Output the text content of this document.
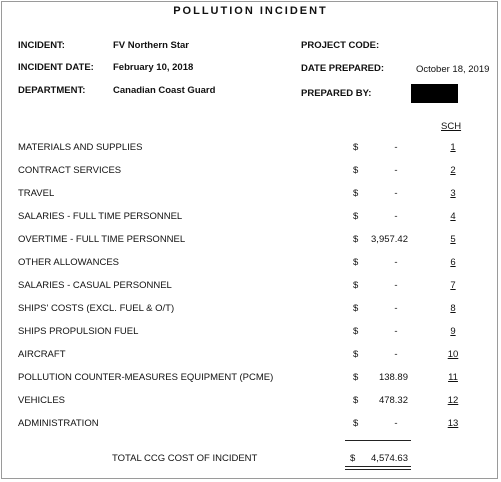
POLLUTION INCIDENT
INCIDENT:	FV Northern Star
INCIDENT DATE: February 10, 2018
DEPARTMENT:	Canadian Coast Guard
PROJECT CODE:
DATE PREPARED:	October 18, 2019
PREPARED BY:
SCH
MATERIALS AND SUPPLIES	$	-	1
CONTRACT SERVICES	$	-	2
TRAVEL	$	-	3
SALARIES - FULL TIME PERSONNEL	$	-	4
OVERTIME - FULL TIME PERSONNEL	$	3,957.42	5
OTHER ALLOWANCES	$	-	6
SALARIES - CASUAL PERSONNEL	$	-	7
SHIPS' COSTS (EXCL. FUEL & O/T)	$	-	8
SHIPS PROPULSION FUEL	$	-	9
AIRCRAFT	$	-	10
POLLUTION COUNTER-MEASURES EQUIPMENT (PCME)	$	138.89	11
VEHICLES	$	478.32	12
ADMINISTRATION	$	-	13
TOTAL CCG COST OF INCIDENT	$	4,574.63
